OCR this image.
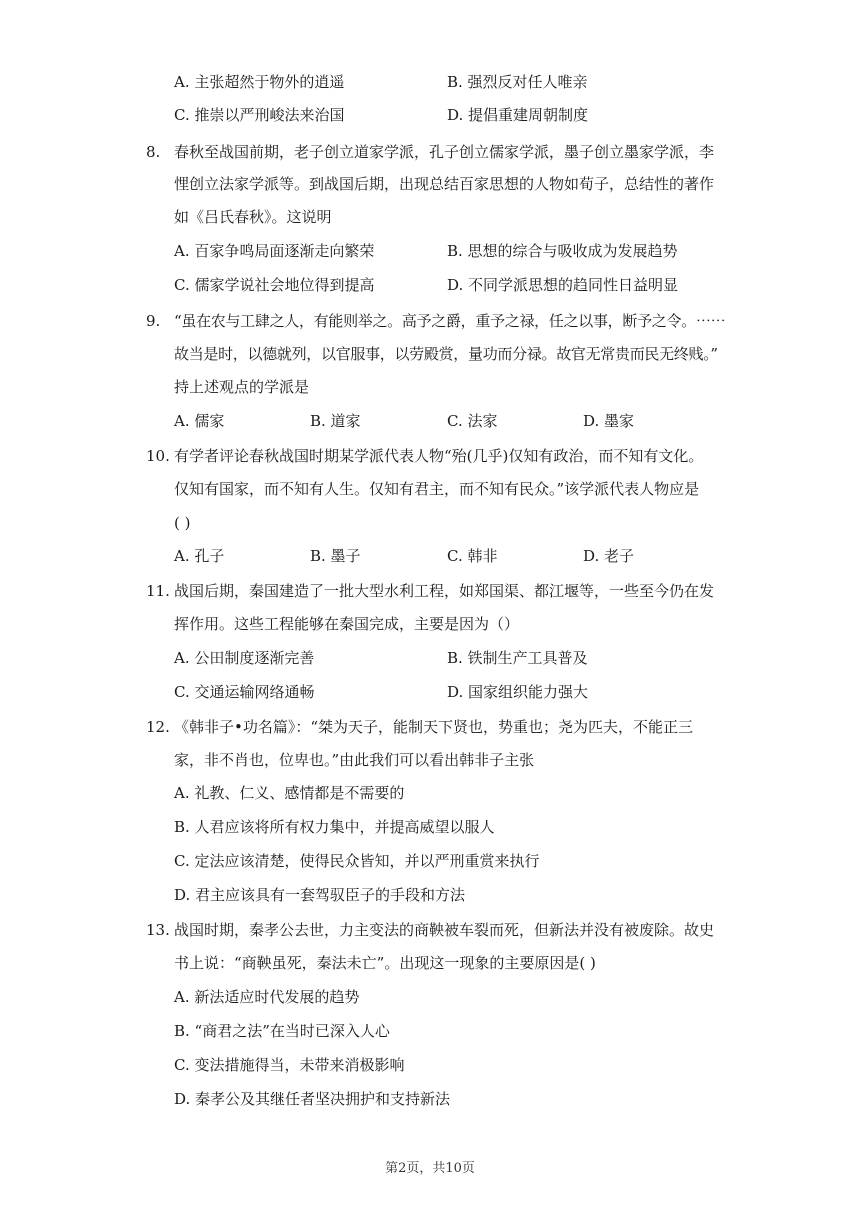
A. 主张超然于物外的逍遥	B. 强烈反对任人唯亲
C. 推崇以严刑峻法来治国	D. 提倡重建周朝制度
8. 春秋至战国前期，老子创立道家学派，孔子创立儒家学派，墨子创立墨家学派，李
悝创立法家学派等。到战国后期，出现总结百家思想的人物如荀子，总结性的著作
如《吕氏春秋》。这说明
A. 百家争鸣局面逐渐走向繁荣	B. 思想的综合与吸收成为发展趋势
C. 儒家学说社会地位得到提高	D. 不同学派思想的趋同性日益明显
9. “虽在农与工肆之人，有能则举之。高予之爵，重予之禄，任之以事，断予之令。⋯⋯
故当是时，以德就列，以官服事，以劳殿赏，量功而分禄。故官无常贵而民无终贱。”
持上述观点的学派是
A. 儒家	B. 道家	C. 法家	D. 墨家
10. 有学者评论春秋战国时期某学派代表人物“殆(几乎)仅知有政治，而不知有文化。
仅知有国家，而不知有人生。仅知有君主，而不知有民众。”该学派代表人物应是
( )
A. 孔子	B. 墨子	C. 韩非	D. 老子
11. 战国后期，秦国建造了一批大型水利工程，如郑国渠、都江堰等，一些至今仍在发
挥作用。这些工程能够在秦国完成，主要是因为（）
A. 公田制度逐渐完善	B. 铁制生产工具普及
C. 交通运输网络通畅	D. 国家组织能力强大
12. 《韩非子•功名篇》：“桀为天子，能制天下贤也，势重也；尧为匹夫，不能正三
家，非不肖也，位卑也。”由此我们可以看出韩非子主张
A. 礼教、仁义、感情都是不需要的
B. 人君应该将所有权力集中，并提高威望以服人
C. 定法应该清楚，使得民众皆知，并以严刑重赏来执行
D. 君主应该具有一套驾驭臣子的手段和方法
13. 战国时期，秦孝公去世，力主变法的商鞅被车裂而死，但新法并没有被废除。故史
书上说：“商鞅虽死，秦法未亡”。出现这一现象的主要原因是( )
A. 新法适应时代发展的趋势
B. “商君之法”在当时已深入人心
C. 变法措施得当，未带来消极影响
D. 秦孝公及其继任者坚决拥护和支持新法
第2页，共10页
